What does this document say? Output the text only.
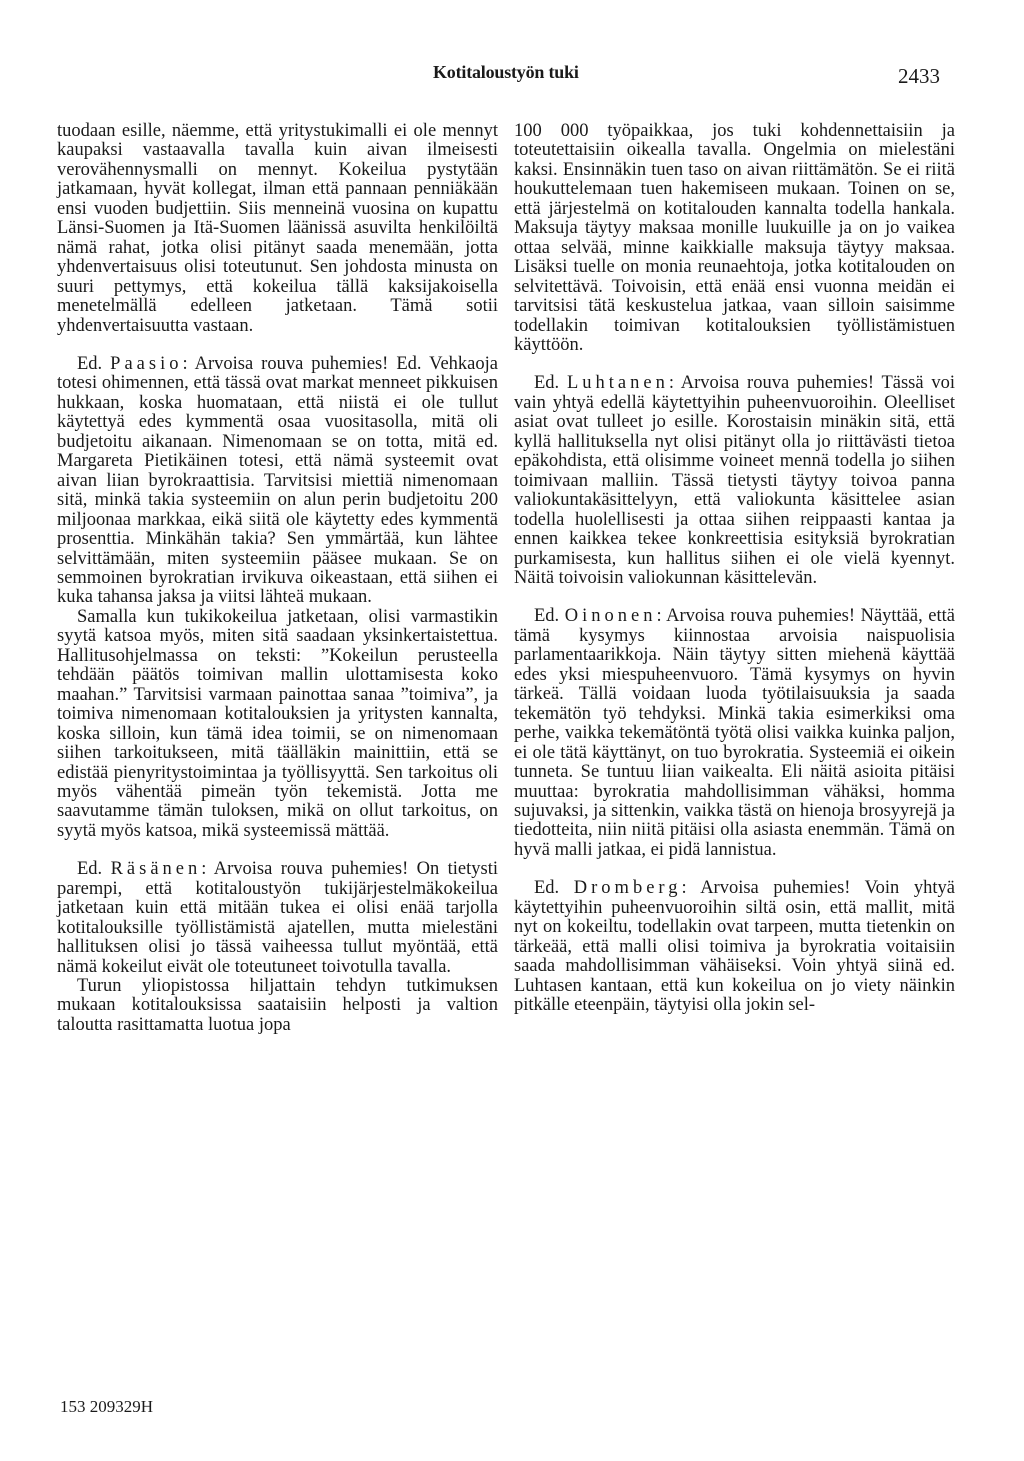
Kotitaloustyön tuki	2433

tuodaan esille, näemme, että yritystukimalli ei ole mennyt kaupaksi vastaavalla tavalla kuin aivan ilmeisesti verovähennysmalli on mennyt. Kokeilua pystytään jatkamaan, hyvät kollegat, ilman että pannaan penniäkään ensi vuoden budjettiin. Siis menneinä vuosina on kupattu Länsi-Suomen ja Itä-Suomen läänissä asuvilta henkilöiltä nämä rahat, jotka olisi pitänyt saada menemään, jotta yhdenvertaisuus olisi toteutunut. Sen johdosta minusta on suuri pettymys, että kokeilua tällä kaksijakoisella menetelmällä edelleen jatketaan. Tämä sotii yhdenvertaisuutta vastaan.

Ed. Paasio: Arvoisa rouva puhemies! Ed. Vehkaoja totesi ohimennen, että tässä ovat markat menneet pikkuisen hukkaan, koska huomataan, että niistä ei ole tullut käytettyä edes kymmentä osaa vuositasolla, mitä oli budjetoitu aikanaan. Nimenomaan se on totta, mitä ed. Margareta Pietikäinen totesi, että nämä systeemit ovat aivan liian byrokraattisia. Tarvitsisi miettiä nimenomaan sitä, minkä takia systeemiin on alun perin budjetoitu 200 miljoonaa markkaa, eikä siitä ole käytetty edes kymmentä prosenttia. Minkähän takia? Sen ymmärtää, kun lähtee selvittämään, miten systeemiin pääsee mukaan. Se on semmoinen byrokratian irvikuva oikeastaan, että siihen ei kuka tahansa jaksa ja viitsi lähteä mukaan.

Samalla kun tukikokeilua jatketaan, olisi varmastikin syytä katsoa myös, miten sitä saadaan yksinkertaistettua. Hallitusohjelmassa on teksti: ”Kokeilun perusteella tehdään päätös toimivan mallin ulottamisesta koko maahan.” Tarvitsisi varmaan painottaa sanaa ”toimiva”, ja toimiva nimenomaan kotitalouksien ja yritysten kannalta, koska silloin, kun tämä idea toimii, se on nimenomaan siihen tarkoitukseen, mitä täälläkin mainittiin, että se edistää pienyritystoimintaa ja työllisyyttä. Sen tarkoitus oli myös vähentää pimeän työn tekemistä. Jotta me saavutamme tämän tuloksen, mikä on ollut tarkoitus, on syytä myös katsoa, mikä systeemissä mättää.

Ed. Räsänen: Arvoisa rouva puhemies! On tietysti parempi, että kotitaloustyön tukijärjestelmäkokeilua jatketaan kuin että mitään tukea ei olisi enää tarjolla kotitalouksille työllistämistä ajatellen, mutta mielestäni hallituksen olisi jo tässä vaiheessa tullut myöntää, että nämä kokeilut eivät ole toteutuneet toivotulla tavalla.

Turun yliopistossa hiljattain tehdyn tutkimuksen mukaan kotitalouksissa saataisiin helposti ja valtion taloutta rasittamatta luotua jopa

100 000 työpaikkaa, jos tuki kohdennettaisiin ja toteutettaisiin oikealla tavalla. Ongelmia on mielestäni kaksi. Ensinnäkin tuen taso on aivan riittämätön. Se ei riitä houkuttelemaan tuen hakemiseen mukaan. Toinen on se, että järjestelmä on kotitalouden kannalta todella hankala. Maksuja täytyy maksaa monille luukuille ja on jo vaikea ottaa selvää, minne kaikkialle maksuja täytyy maksaa. Lisäksi tuelle on monia reunaehtoja, jotka kotitalouden on selvitettävä. Toivoisin, että enää ensi vuonna meidän ei tarvitsisi tätä keskustelua jatkaa, vaan silloin saisimme todellakin toimivan kotitalouksien työllistämistuen käyttöön.

Ed. Luhtanen: Arvoisa rouva puhemies! Tässä voi vain yhtyä edellä käytettyihin puheenvuoroihin. Oleelliset asiat ovat tulleet jo esille. Korostaisin minäkin sitä, että kyllä hallituksella nyt olisi pitänyt olla jo riittävästi tietoa epäkohdista, että olisimme voineet mennä todella jo siihen toimivaan malliin. Tässä tietysti täytyy toivoa panna valiokuntakäsittelyyn, että valiokunta käsittelee asian todella huolellisesti ja ottaa siihen reippaasti kantaa ja ennen kaikkea tekee konkreettisia esityksiä byrokratian purkamisesta, kun hallitus siihen ei ole vielä kyennyt. Näitä toivoisin valiokunnan käsittelevän.

Ed. Oinonen: Arvoisa rouva puhemies! Näyttää, että tämä kysymys kiinnostaa arvoisia naispuolisia parlamentaarikkoja. Näin täytyy sitten miehenä käyttää edes yksi miespuheenvuoro. Tämä kysymys on hyvin tärkeä. Tällä voidaan luoda työtilaisuuksia ja saada tekemätön työ tehdyksi. Minkä takia esimerkiksi oma perhe, vaikka tekemätöntä työtä olisi vaikka kuinka paljon, ei ole tätä käyttänyt, on tuo byrokratia. Systeemiä ei oikein tunneta. Se tuntuu liian vaikealta. Eli näitä asioita pitäisi muuttaa: byrokratia mahdollisimman vähäksi, homma sujuvaksi, ja sittenkin, vaikka tästä on hienoja brosyyrejä ja tiedotteita, niin niitä pitäisi olla asiasta enemmän. Tämä on hyvä malli jatkaa, ei pidä lannistua.

Ed. Dromberg: Arvoisa puhemies! Voin yhtyä käytettyihin puheenvuoroihin siltä osin, että mallit, mitä nyt on kokeiltu, todellakin ovat tarpeen, mutta tietenkin on tärkeää, että malli olisi toimiva ja byrokratia voitaisiin saada mahdollisimman vähäiseksi. Voin yhtyä siinä ed. Luhtasen kantaan, että kun kokeilua on jo viety näinkin pitkälle eteenpäin, täytyisi olla jokin sel-

153 209329H
